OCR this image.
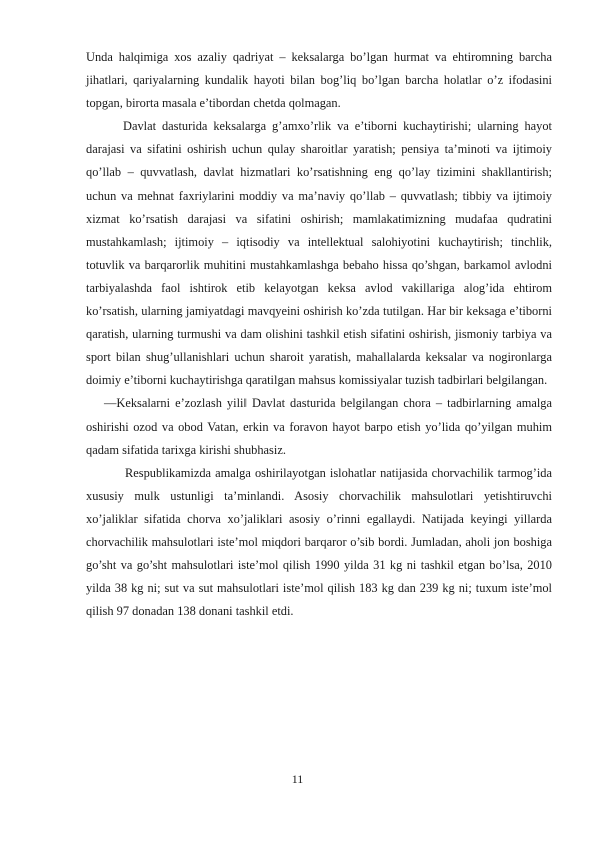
Unda halqimiga xos azaliy qadriyat – keksalarga bo’lgan hurmat va ehtiromning barcha jihatlari, qariyalarning kundalik hayoti bilan bog’liq bo’lgan barcha holatlar o’z ifodasini topgan, birorta masala e’tibordan chetda qolmagan.

Davlat dasturida keksalarga g’amxo’rlik va e’tiborni kuchaytirishi; ularning hayot darajasi va sifatini oshirish uchun qulay sharoitlar yaratish; pensiya ta’minoti va ijtimoiy qo’llab – quvvatlash, davlat hizmatlari ko’rsatishning eng qo’lay tizimini shakllantirish; uchun va mehnat faxriylarini moddiy va ma’naviy qo’llab – quvvatlash; tibbiy va ijtimoiy xizmat ko’rsatish darajasi va sifatini oshirish; mamlakatimizning mudafaa qudratini mustahkamlash; ijtimoiy – iqtisodiy va intellektual salohiyotini kuchaytirish; tinchlik, totuvlik va barqarorlik muhitini mustahkamlashga bebaho hissa qo’shgan, barkamol avlodni tarbiyalashda faol ishtirok etib kelayotgan keksa avlod vakillariga alog’ida ehtirom ko’rsatish, ularning jamiyatdagi mavqyeini oshirish ko’zda tutilgan. Har bir keksaga e’tiborni qaratish, ularning turmushi va dam olishini tashkil etish sifatini oshirish, jismoniy tarbiya va sport bilan shug’ullanishlari uchun sharoit yaratish, mahallalarda keksalar va nogironlarga doimiy e’tiborni kuchaytirishga qaratilgan mahsus komissiyalar tuzish tadbirlari belgilangan.

―Keksalarni e’zozlash yili‖ Davlat dasturida belgilangan chora – tadbirlarning amalga oshirishi ozod va obod Vatan, erkin va foravon hayot barpo etish yo’lida qo’yilgan muhim qadam sifatida tarixga kirishi shubhasiz.

Respublikamizda amalga oshirilayotgan islohatlar natijasida chorvachilik tarmog’ida xususiy mulk ustunligi ta’minlandi. Asosiy chorvachilik mahsulotlari yetishtiruvchi xo’jaliklar sifatida chorva xo’jaliklari asosiy o’rinni egallaydi. Natijada keyingi yillarda chorvachilik mahsulotlari iste’mol miqdori barqaror o’sib bordi. Jumladan, aholi jon boshiga go’sht va go’sht mahsulotlari iste’mol qilish 1990 yilda 31 kg ni tashkil etgan bo’lsa, 2010 yilda 38 kg ni; sut va sut mahsulotlari iste’mol qilish 183 kg dan 239 kg ni; tuxum iste’mol qilish 97 donadan 138 donani tashkil etdi.

11
